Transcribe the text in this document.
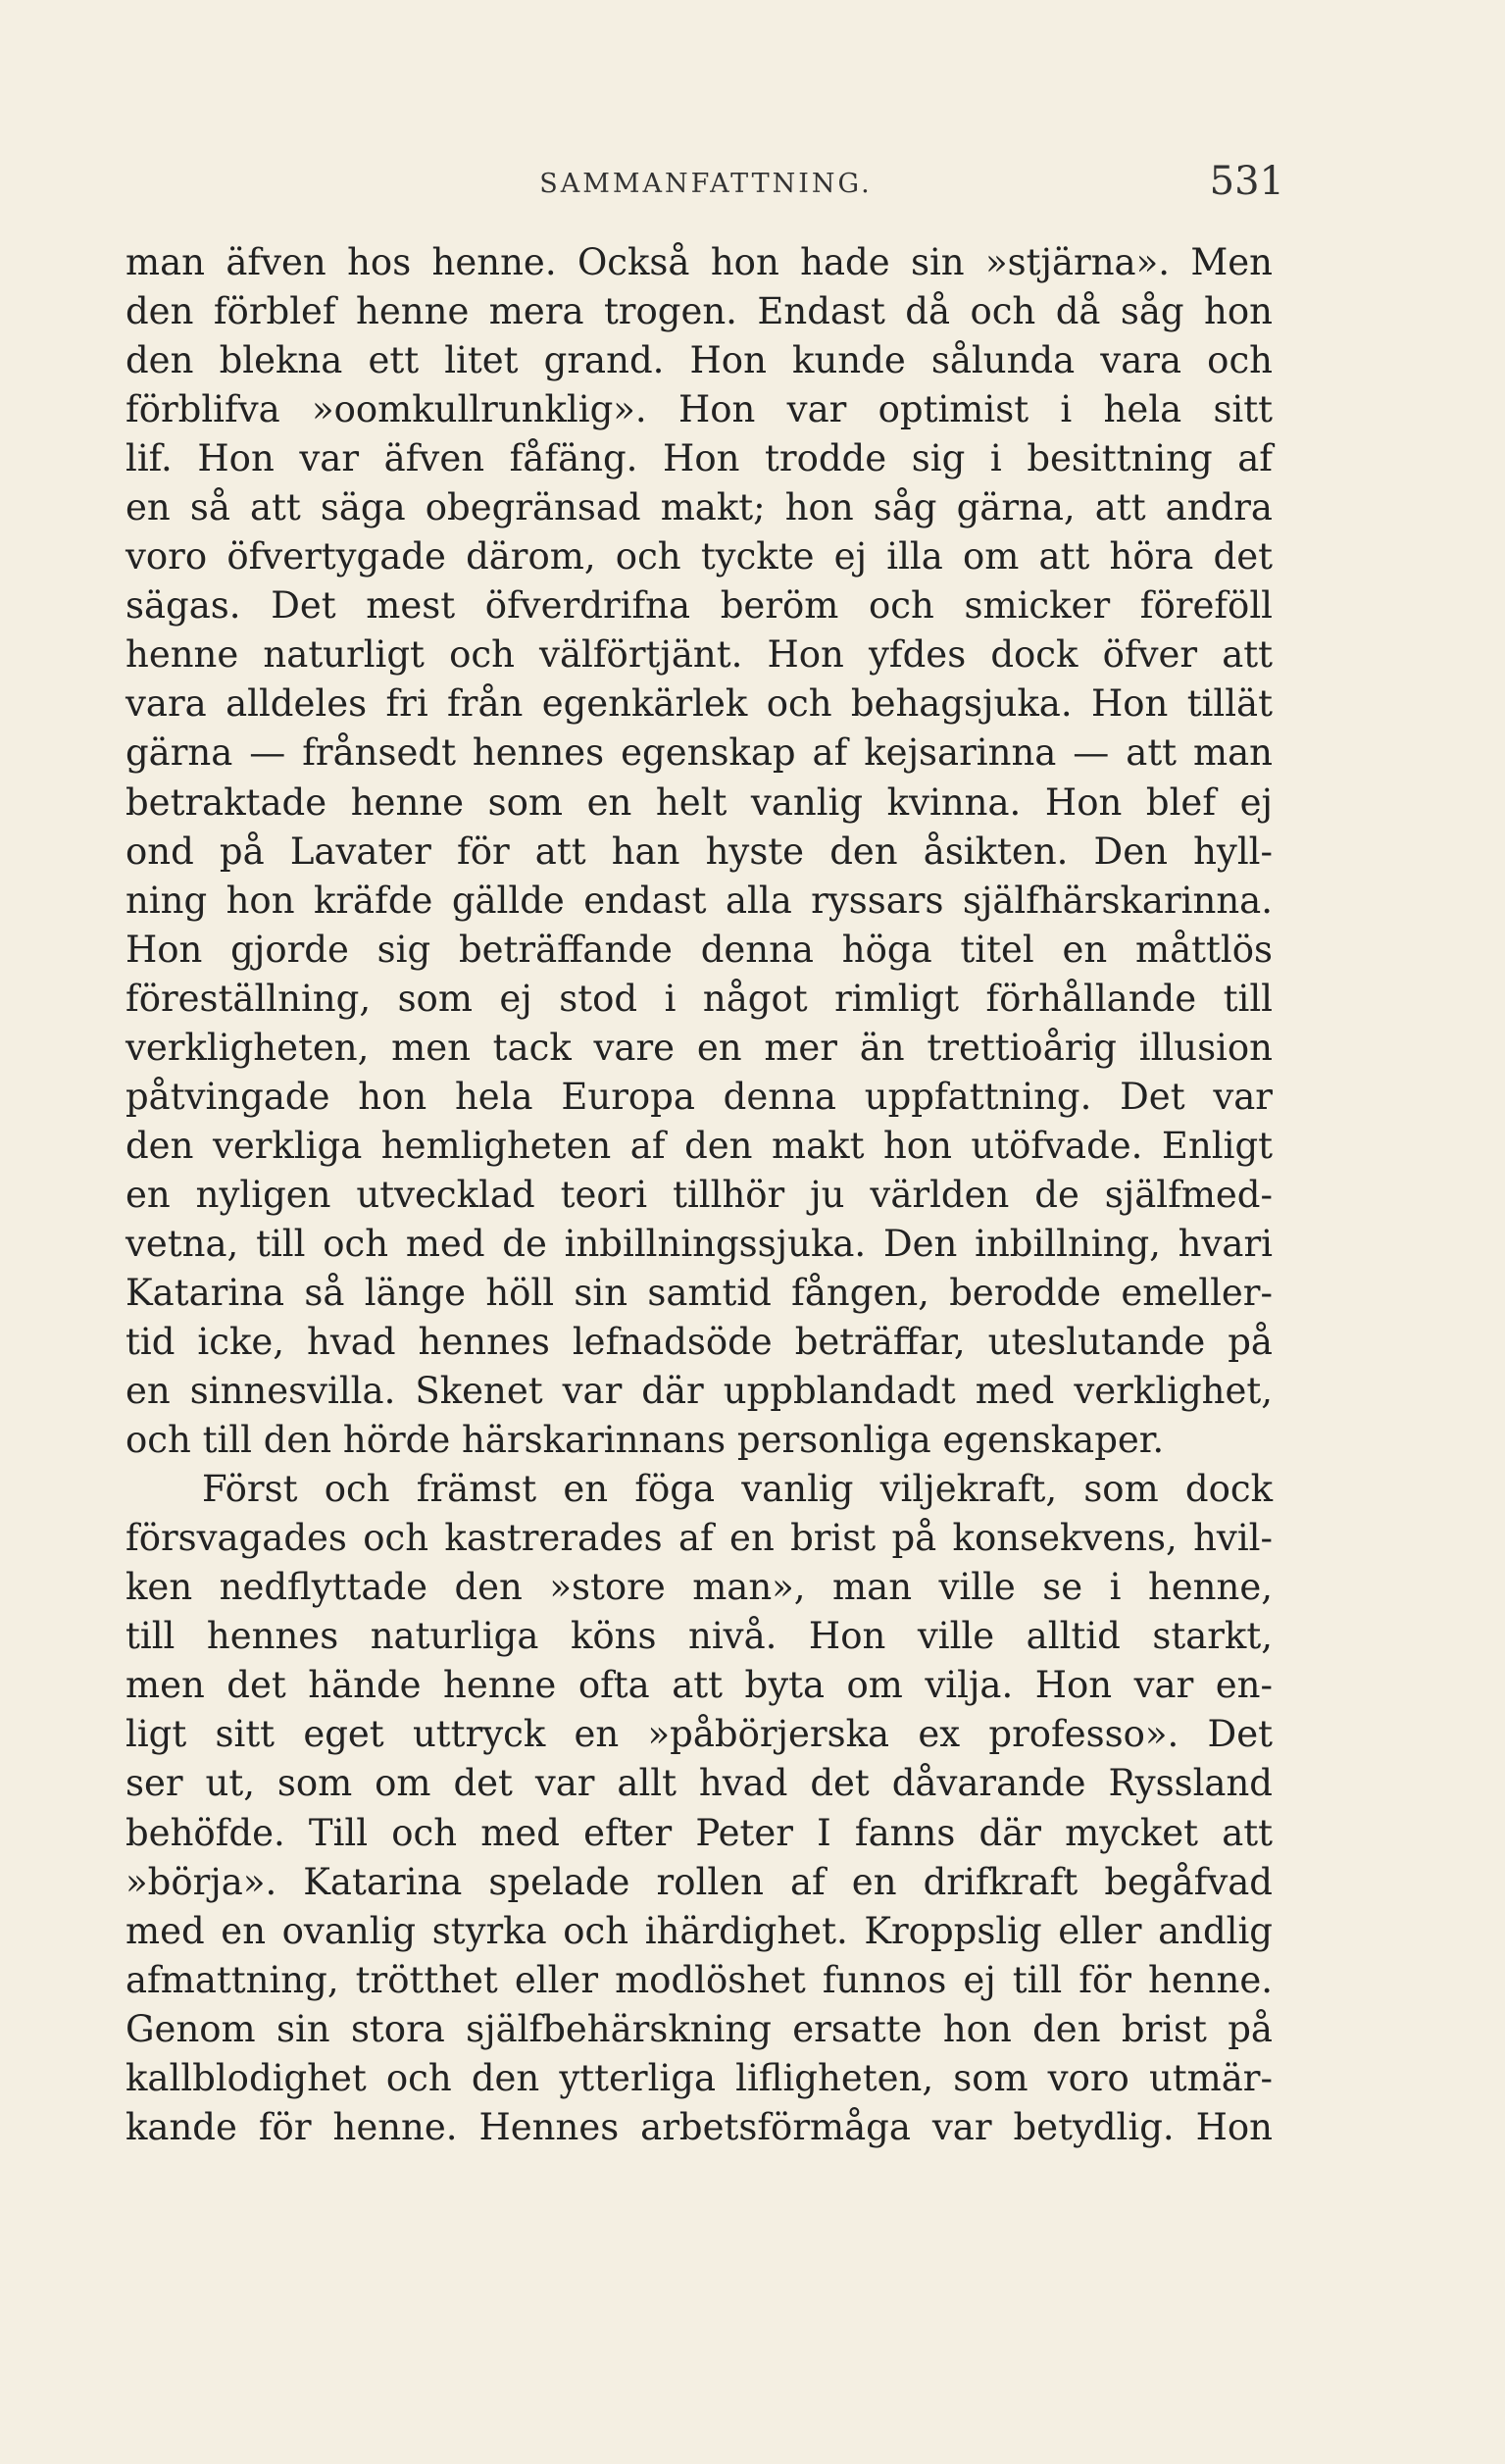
SAMMANFATTNING.	531
man äfven hos henne. Också hon hade sin »stjärna». Men
den förblef henne mera trogen. Endast då och då såg hon
den blekna ett litet grand. Hon kunde sålunda vara och
förblifva »oomkullrunklig». Hon var optimist i hela sitt
lif. Hon var äfven fåfäng. Hon trodde sig i besittning af
en så att säga obegränsad makt; hon såg gärna, att andra
voro öfvertygade därom, och tyckte ej illa om att höra det
sägas. Det mest öfverdrifna beröm och smicker föreföll
henne naturligt och välförtjänt. Hon yfdes dock öfver att
vara alldeles fri från egenkärlek och behagsjuka. Hon tillät
gärna — frånsedt hennes egenskap af kejsarinna — att man
betraktade henne som en helt vanlig kvinna. Hon blef ej
ond på Lavater för att han hyste den åsikten. Den hyll-
ning hon kräfde gällde endast alla ryssars själfhärskarinna.
Hon gjorde sig beträffande denna höga titel en måttlös
föreställning, som ej stod i något rimligt förhållande till
verkligheten, men tack vare en mer än trettioårig illusion
påtvingade hon hela Europa denna uppfattning. Det var
den verkliga hemligheten af den makt hon utöfvade. Enligt
en nyligen utvecklad teori tillhör ju världen de själfmed-
vetna, till och med de inbillningssjuka. Den inbillning, hvari
Katarina så länge höll sin samtid fången, berodde emeller-
tid icke, hvad hennes lefnadsöde beträffar, uteslutande på
en sinnesvilla. Skenet var där uppblandadt med verklighet,
och till den hörde härskarinnans personliga egenskaper.
Först och främst en föga vanlig viljekraft, som dock
försvagades och kastrerades af en brist på konsekvens, hvil-
ken nedflyttade den »store man», man ville se i henne,
till hennes naturliga köns nivå. Hon ville alltid starkt,
men det hände henne ofta att byta om vilja. Hon var en-
ligt sitt eget uttryck en »påbörjerska ex professo». Det
ser ut, som om det var allt hvad det dåvarande Ryssland
behöfde. Till och med efter Peter I fanns där mycket att
»börja». Katarina spelade rollen af en drifkraft begåfvad
med en ovanlig styrka och ihärdighet. Kroppslig eller andlig
afmattning, trötthet eller modlöshet funnos ej till för henne.
Genom sin stora själfbehärskning ersatte hon den brist på
kallblodighet och den ytterliga lifligheten, som voro utmär-
kande för henne. Hennes arbetsförmåga var betydlig. Hon
